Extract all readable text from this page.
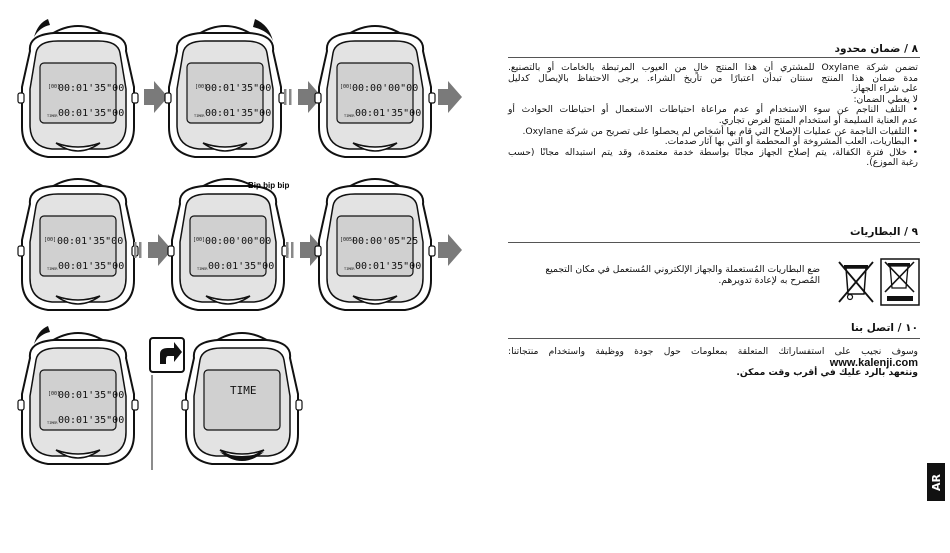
[00]
00:01'35"00
TIMER 00:01'35"00
[00]
00:01'35"00
TIMER 00:01'35"00
[00] 00:00'00"00
TIMER 00:01'35"00
[00] 00:01'35"00
TIMER 00:01'35"00
[00] 00:00'00"00
TIMER 00:01'35"00
[005]
00:00'05"25
TIMER 00:01'35"00
[00]
00:01'35"00
TIMER 00:01'35"00
TIME
Bip bip bip
٨ / ضمان محدود
تضمن شركة Oxylane للمشتري أن هذا المنتج خالٍ من العيوب المرتبطة بالخامات أو بالتصنيع.
مدة ضمان هذا المنتج سنتان تبدأن اعتبارًا من تاريخ الشراء. يرجى الاحتفاظ بالإيصال كدليل
على شراء الجهاز.
لا يغطي الضمان:
• التلف الناجم عن سوء الاستخدام أو عدم مراعاة احتياطات الاستعمال أو احتياطات الحوادث أو
عدم العناية السليمة أو استخدام المنتج لغرض تجاري.
• التلفيات الناجمة عن عمليات الإصلاح التي قام بها أشخاص لم يحصلوا على تصريح من شركة Oxylane.
• البطاريات، العلب المشروخة أو المحطمة أو التي بها آثار صدمات.
• خلال فترة الكفالة، يتم إصلاح الجهاز مجانًا بواسطة خدمة معتمدة، وقد يتم استبداله مجانًا (حسب
رغبة الموزع).
٩ / البطاريات
ضع البطاريات المُستعملة والجهاز الإلكتروني المُستعمل في مكان التجميع
المُصرح به لإعادة تدويرهم.
١٠ / اتصل بنا
وسوف نجيب على استفساراتك المتعلقة بمعلومات حول جودة ووظيفة واستخدام منتجاتنا:
www.kalenji.com
ونتعهد بالرد عليك في أقرب وقت ممكن.
AR
